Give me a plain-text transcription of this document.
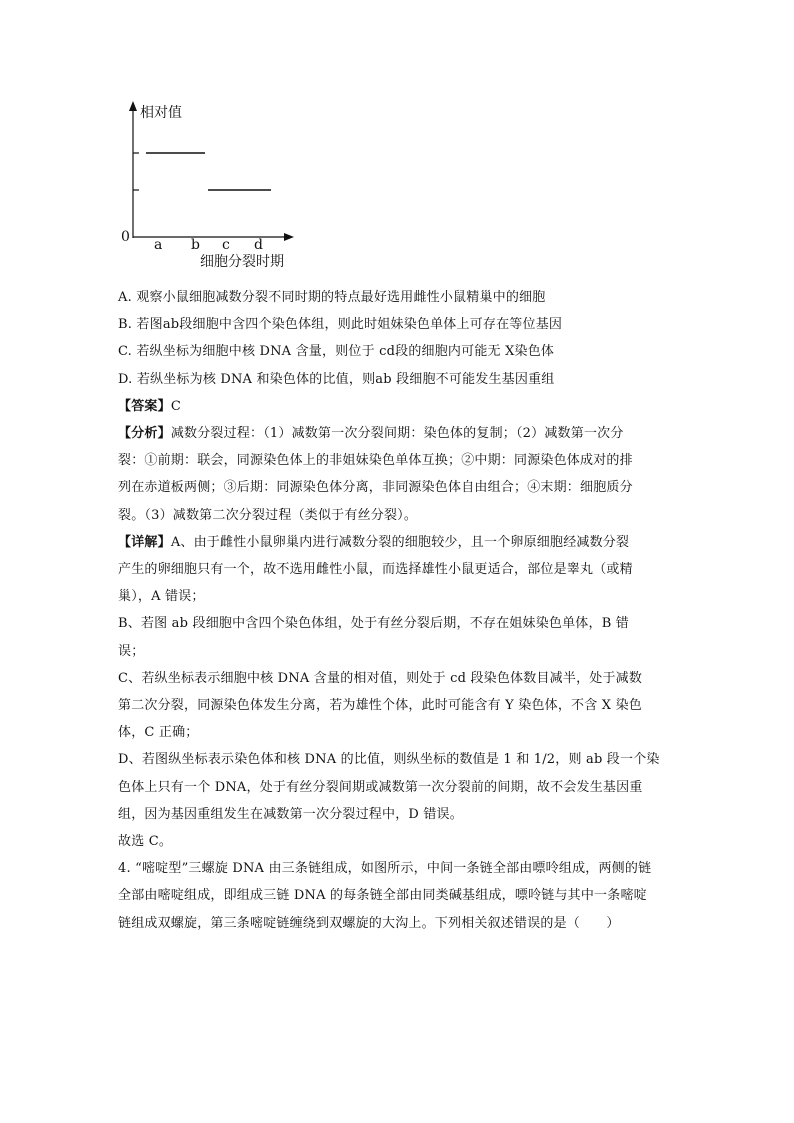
相对值
0 a b c d
细胞分裂时期
A. 观察小鼠细胞减数分裂不同时期的特点最好选用雌性小鼠精巢中的细胞
B. 若图ab段细胞中含四个染色体组，则此时姐妹染色单体上可存在等位基因
C. 若纵坐标为细胞中核 DNA 含量，则位于 cd段的细胞内可能无 X染色体
D. 若纵坐标为核 DNA 和染色体的比值，则ab 段细胞不可能发生基因重组
【答案】C
【分析】减数分裂过程：（1）减数第一次分裂间期：染色体的复制；（2）减数第一次分
裂：①前期：联会，同源染色体上的非姐妹染色单体互换；②中期：同源染色体成对的排
列在赤道板两侧；③后期：同源染色体分离，非同源染色体自由组合；④末期：细胞质分
裂。（3）减数第二次分裂过程（类似于有丝分裂）。
【详解】A、由于雌性小鼠卵巢内进行减数分裂的细胞较少，且一个卵原细胞经减数分裂
产生的卵细胞只有一个，故不选用雌性小鼠，而选择雄性小鼠更适合，部位是睾丸（或精
巢），A 错误；
B、若图 ab 段细胞中含四个染色体组，处于有丝分裂后期，不存在姐妹染色单体，B 错
误；
C、若纵坐标表示细胞中核 DNA 含量的相对值，则处于 cd 段染色体数目减半，处于减数
第二次分裂，同源染色体发生分离，若为雄性个体，此时可能含有 Y 染色体，不含 X 染色
体，C 正确；
D、若图纵坐标表示染色体和核 DNA 的比值，则纵坐标的数值是 1 和 1/2，则 ab 段一个染
色体上只有一个 DNA，处于有丝分裂间期或减数第一次分裂前的间期，故不会发生基因重
组，因为基因重组发生在减数第一次分裂过程中，D 错误。
故选 C。
4. “嘧啶型”三螺旋 DNA 由三条链组成，如图所示，中间一条链全部由嘌呤组成，两侧的链
全部由嘧啶组成，即组成三链 DNA 的每条链全部由同类碱基组成，嘌呤链与其中一条嘧啶
链组成双螺旋，第三条嘧啶链缠绕到双螺旋的大沟上。下列相关叙述错误的是（　　）
